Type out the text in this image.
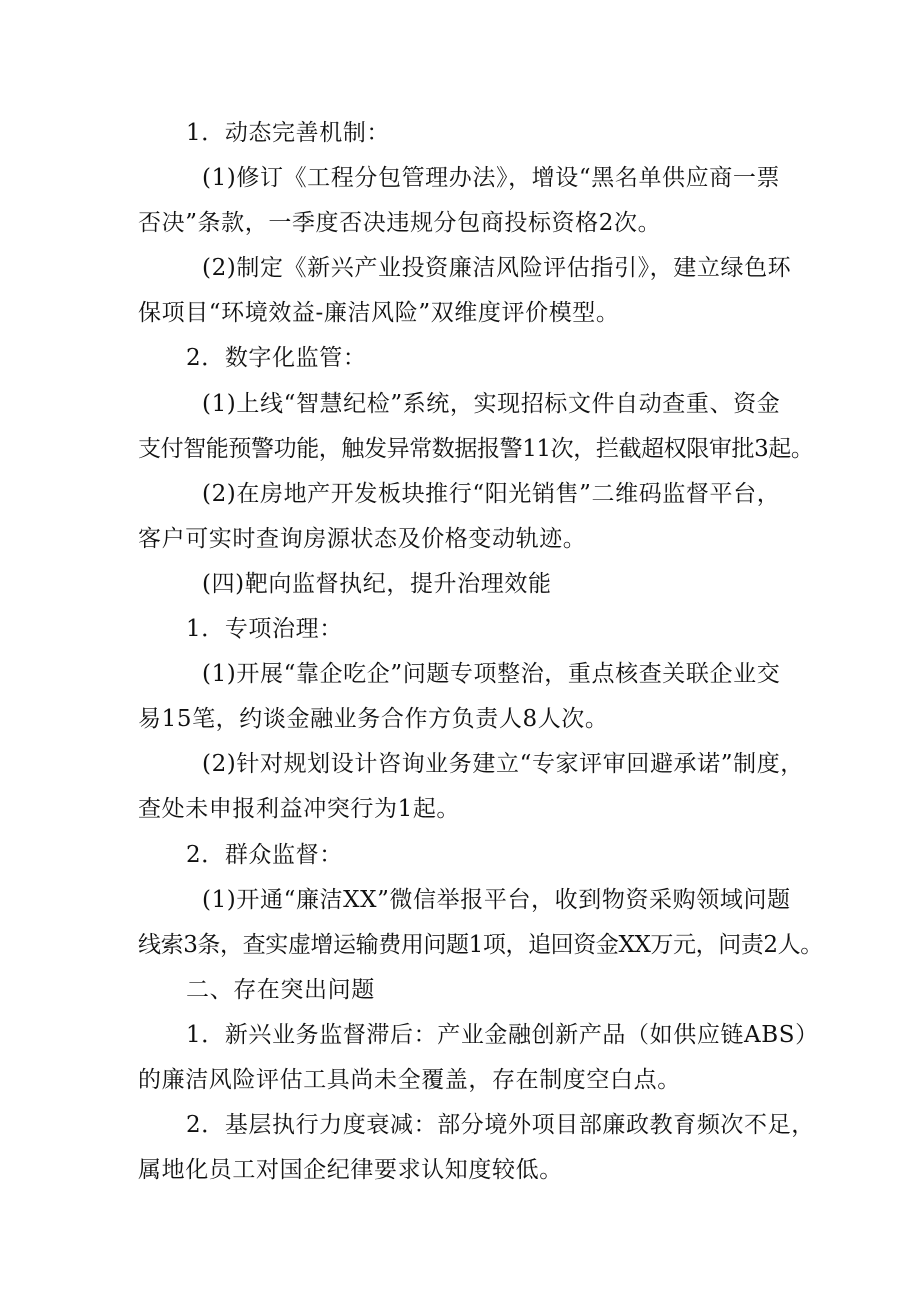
1．动态完善机制：
(1)修订《工程分包管理办法》，增设“黑名单供应商一票
否决”条款，一季度否决违规分包商投标资格2次。
(2)制定《新兴产业投资廉洁风险评估指引》，建立绿色环
保项目“环境效益-廉洁风险”双维度评价模型。
2．数字化监管：
(1)上线“智慧纪检”系统，实现招标文件自动查重、资金
支付智能预警功能，触发异常数据报警11次，拦截超权限审批3起。
(2)在房地产开发板块推行“阳光销售”二维码监督平台，
客户可实时查询房源状态及价格变动轨迹。
(四)靶向监督执纪，提升治理效能
1．专项治理：
(1)开展“靠企吃企”问题专项整治，重点核查关联企业交
易15笔，约谈金融业务合作方负责人8人次。
(2)针对规划设计咨询业务建立“专家评审回避承诺”制度，
查处未申报利益冲突行为1起。
2．群众监督：
(1)开通“廉洁XX”微信举报平台，收到物资采购领域问题
线索3条，查实虚增运输费用问题1项，追回资金XX万元，问责2人。
二、存在突出问题
1．新兴业务监督滞后：产业金融创新产品（如供应链ABS）
的廉洁风险评估工具尚未全覆盖，存在制度空白点。
2．基层执行力度衰减：部分境外项目部廉政教育频次不足，
属地化员工对国企纪律要求认知度较低。
